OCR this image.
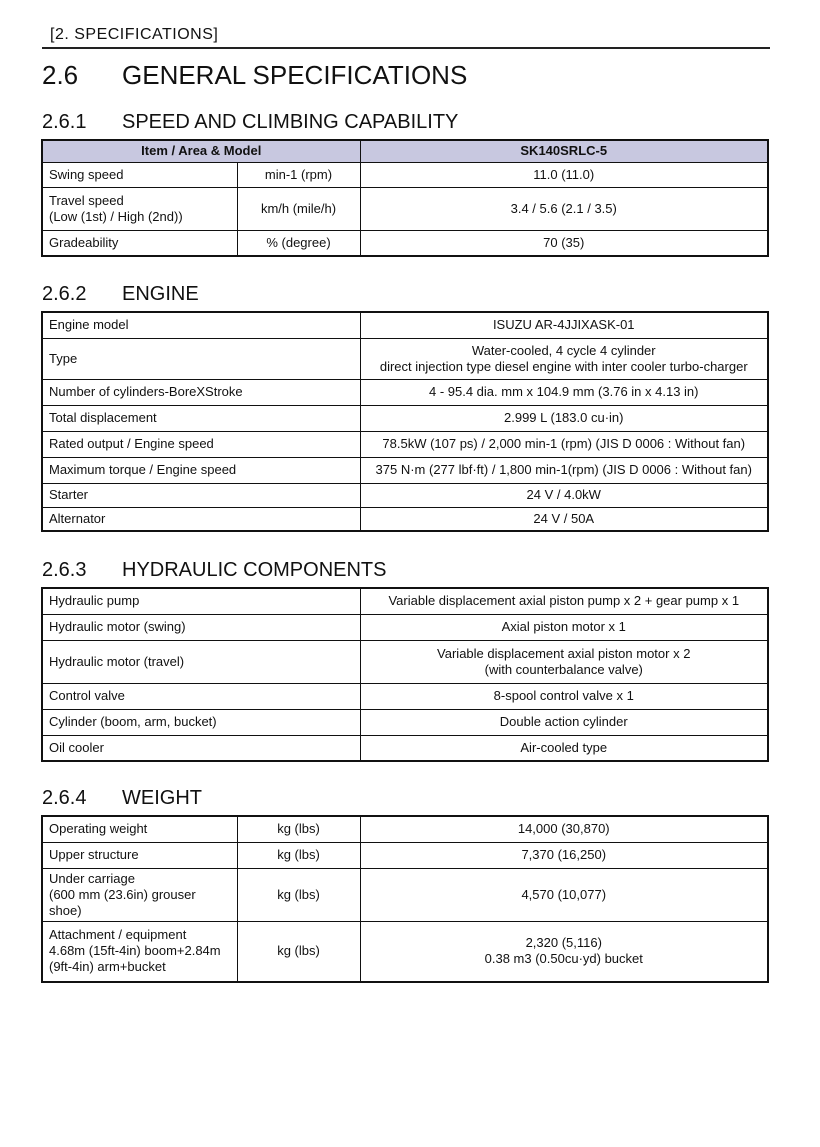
[2. SPECIFICATIONS]
2.6 GENERAL SPECIFICATIONS
2.6.1 SPEED AND CLIMBING CAPABILITY
Item / Area & Model		SK140SRLC-5

Swing speed	min-1 (rpm)	11.0 (11.0)

Travel speed
(Low (1st) / High (2nd))	km/h (mile/h)	3.4 / 5.6 (2.1 / 3.5)

Gradeability	% (degree)	70 (35)
2.6.2 ENGINE
Engine model	ISUZU AR-4JJIXASK-01

Type	Water-cooled, 4 cycle 4 cylinder
direct injection type diesel engine with inter cooler turbo-charger

Number of cylinders-BoreXStroke	4 - 95.4 dia. mm x 104.9 mm (3.76 in x 4.13 in)

Total displacement	2.999 L (183.0 cu·in)

Rated output / Engine speed	78.5kW (107 ps) / 2,000 min-1 (rpm) (JIS D 0006 : Without fan)

Maximum torque / Engine speed	375 N·m (277 lbf·ft) / 1,800 min-1(rpm) (JIS D 0006 : Without fan)

Starter	24 V / 4.0kW

Alternator	24 V / 50A
2.6.3 HYDRAULIC COMPONENTS
Hydraulic pump	Variable displacement axial piston pump x 2 + gear pump x 1

Hydraulic motor (swing)	Axial piston motor x 1

Hydraulic motor (travel)	Variable displacement axial piston motor x 2
(with counterbalance valve)

Control valve	8-spool control valve x 1

Cylinder (boom, arm, bucket)	Double action cylinder

Oil cooler	Air-cooled type
2.6.4 WEIGHT
Operating weight	kg (lbs)	14,000 (30,870)

Upper structure	kg (lbs)	7,370 (16,250)

Under carriage
(600 mm (23.6in) grouser shoe)	kg (lbs)	4,570 (10,077)

Attachment / equipment
4.68m (15ft-4in) boom+2.84m
(9ft-4in) arm+bucket	kg (lbs)	2,320 (5,116)
0.38 m3 (0.50cu·yd) bucket
